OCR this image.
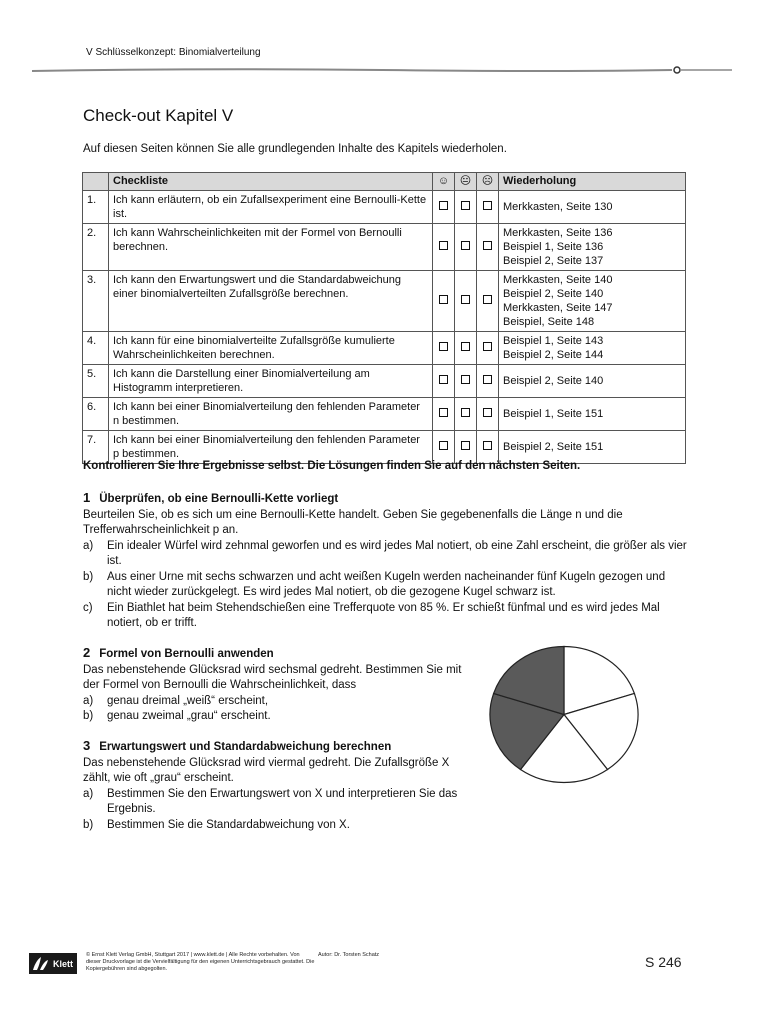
V Schlüsselkonzept: Binomialverteilung
Check-out Kapitel V
Auf diesen Seiten können Sie alle grundlegenden Inhalte des Kapitels wiederholen.
	Checkliste	☺	😐	☹	Wiederholung
1.	Ich kann erläutern, ob ein Zufallsexperiment eine Bernoulli-Kette ist.				Merkkasten, Seite 130

2.	Ich kann Wahrscheinlichkeiten mit der Formel von Bernoulli berechnen.				Merkkasten, Seite 136
Beispiel 1, Seite 136
Beispiel 2, Seite 137

3.	Ich kann den Erwartungswert und die Standardabweichung einer binomialverteilten Zufallsgröße berechnen.				Merkkasten, Seite 140
Beispiel 2, Seite 140
Merkkasten, Seite 147
Beispiel, Seite 148

4.	Ich kann für eine binomialverteilte Zufallsgröße kumulierte Wahrscheinlichkeiten berechnen.				Beispiel 1, Seite 143
Beispiel 2, Seite 144

5.	Ich kann die Darstellung einer Binomialverteilung am Histogramm interpretieren.				Beispiel 2, Seite 140

6.	Ich kann bei einer Binomialverteilung den fehlenden Parameter n bestimmen.				Beispiel 1, Seite 151

7.	Ich kann bei einer Binomialverteilung den fehlenden Parameter p bestimmen.				Beispiel 2, Seite 151
Kontrollieren Sie Ihre Ergebnisse selbst. Die Lösungen finden Sie auf den nächsten Seiten.
1 Überprüfen, ob eine Bernoulli-Kette vorliegt
Beurteilen Sie, ob es sich um eine Bernoulli-Kette handelt. Geben Sie gegebenenfalls die Länge n und die Trefferwahrscheinlichkeit p an.
a)	Ein idealer Würfel wird zehnmal geworfen und es wird jedes Mal notiert, ob eine Zahl erscheint, die größer als vier ist.
b)	Aus einer Urne mit sechs schwarzen und acht weißen Kugeln werden nacheinander fünf Kugeln gezogen und nicht wieder zurückgelegt. Es wird jedes Mal notiert, ob die gezogene Kugel schwarz ist.
c)	Ein Biathlet hat beim Stehendschießen eine Trefferquote von 85 %. Er schießt fünfmal und es wird jedes Mal notiert, ob er trifft.
2 Formel von Bernoulli anwenden
Das nebenstehende Glücksrad wird sechsmal gedreht. Bestimmen Sie mit der Formel von Bernoulli die Wahrscheinlichkeit, dass
a)	genau dreimal „weiß“ erscheint,
b)	genau zweimal „grau“ erscheint.
3 Erwartungswert und Standardabweichung berechnen
Das nebenstehende Glücksrad wird viermal gedreht. Die Zufallsgröße X zählt, wie oft „grau“ erscheint.
a)	Bestimmen Sie den Erwartungswert von X und interpretieren Sie das Ergebnis.
b)	Bestimmen Sie die Standardabweichung von X.
Klett
© Ernst Klett Verlag GmbH, Stuttgart 2017 | www.klett.de | Alle Rechte vorbehalten. Von dieser Druckvorlage ist die Vervielfältigung für den eigenen Unterrichtsgebrauch gestattet. Die Kopiergebühren sind abgegolten.
Autor: Dr. Torsten Schatz	S 246
